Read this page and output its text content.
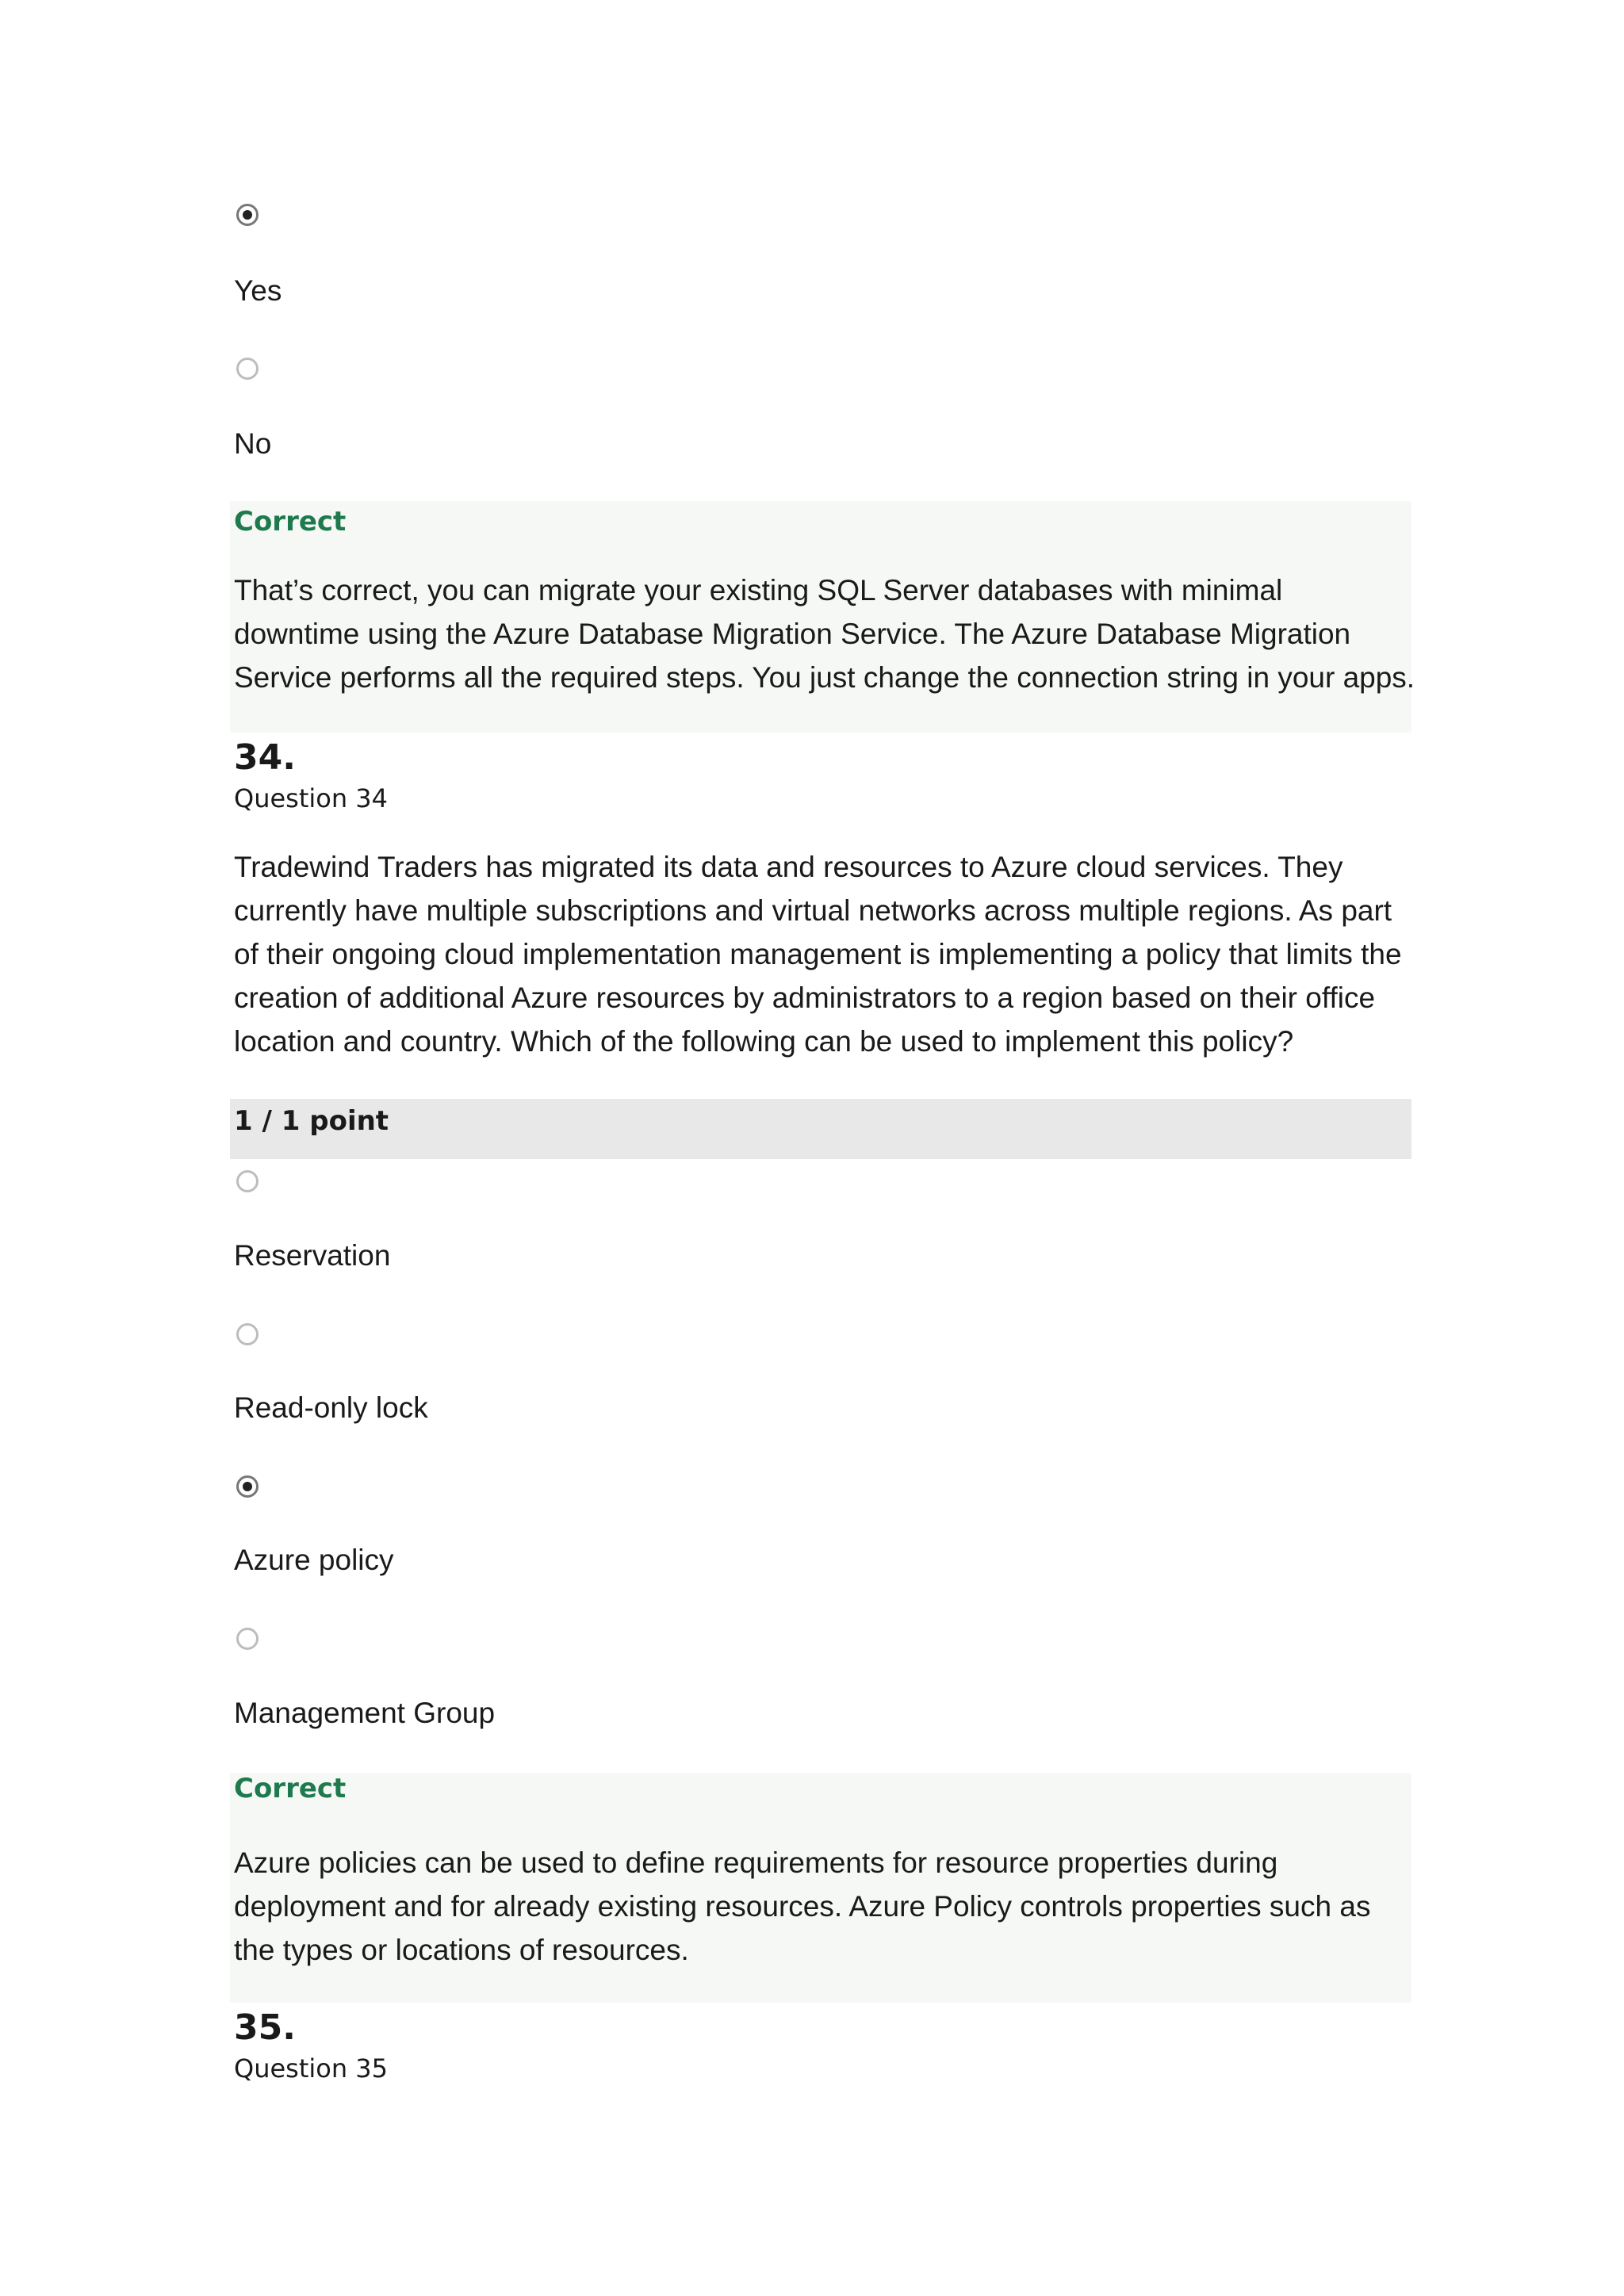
Yes
No
Correct
That’s correct, you can migrate your existing SQL Server databases with minimal downtime using the Azure Database Migration Service. The Azure Database Migration Service performs all the required steps. You just change the connection string in your apps.
34.
Question 34
Tradewind Traders has migrated its data and resources to Azure cloud services. They currently have multiple subscriptions and virtual networks across multiple regions. As part of their ongoing cloud implementation management is implementing a policy that limits the creation of additional Azure resources by administrators to a region based on their office location and country. Which of the following can be used to implement this policy?
1 / 1 point
Reservation
Read-only lock
Azure policy
Management Group
Correct
Azure policies can be used to define requirements for resource properties during deployment and for already existing resources. Azure Policy controls properties such as the types or locations of resources.
35.
Question 35
